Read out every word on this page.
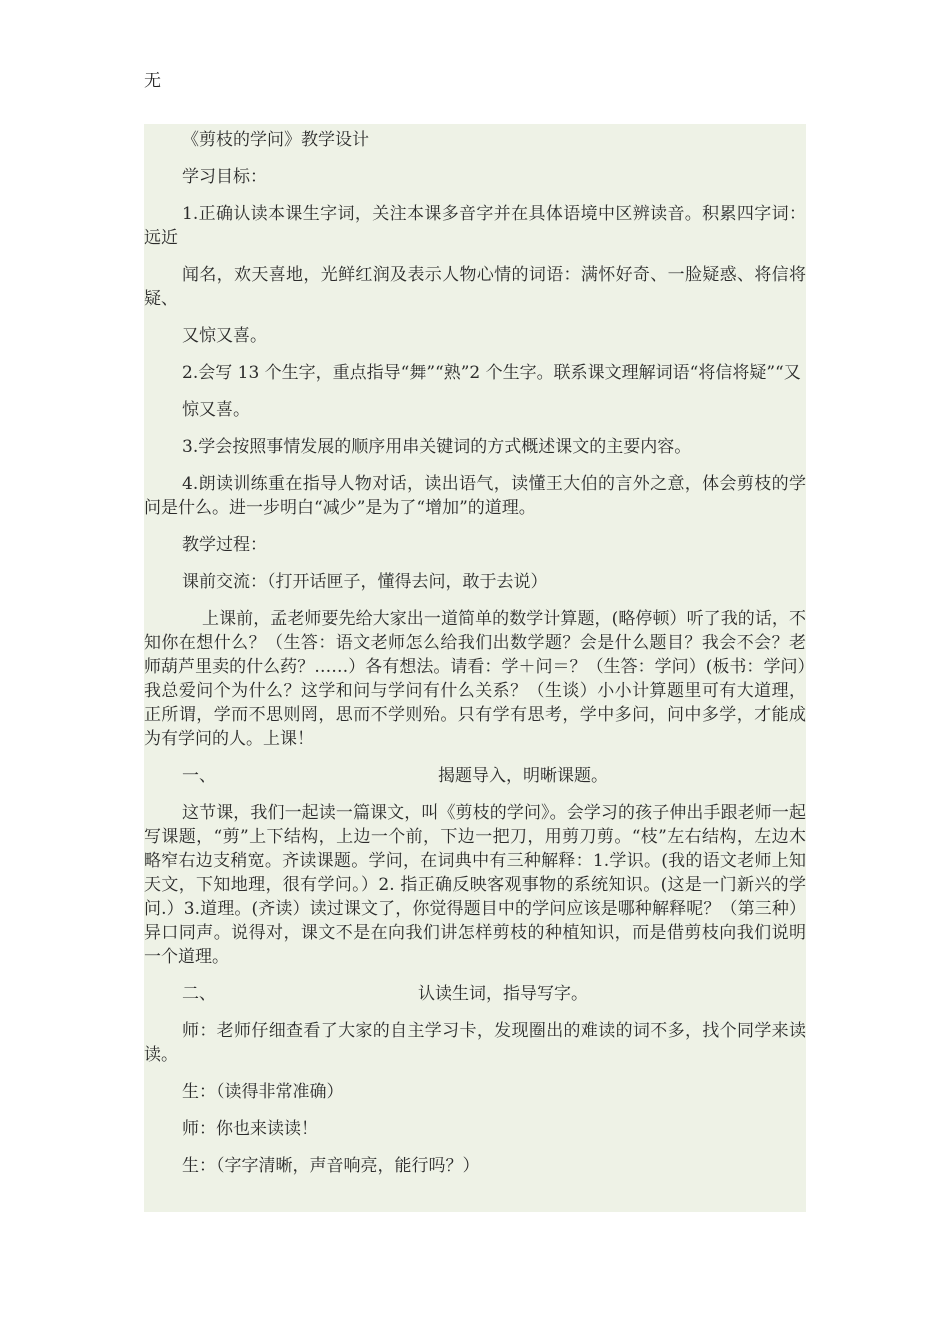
无

《剪枝的学问》教学设计

学习目标：

1.正确认读本课生字词，关注本课多音字并在具体语境中区辨读音。积累四字词：远近

闻名，欢天喜地，光鲜红润及表示人物心情的词语：满怀好奇、一脸疑惑、将信将疑、

又惊又喜。

2.会写 13 个生字，重点指导“舞”“熟”2 个生字。联系课文理解词语“将信将疑”“又

惊又喜。

3.学会按照事情发展的顺序用串关键词的方式概述课文的主要内容。

4.朗读训练重在指导人物对话，读出语气，读懂王大伯的言外之意，体会剪枝的学问是什么。进一步明白“减少”是为了“增加”的道理。

教学过程：

课前交流：（打开话匣子，懂得去问，敢于去说）

上课前，孟老师要先给大家出一道简单的数学计算题，(略停顿）听了我的话，不知你在想什么？（生答：语文老师怎么给我们出数学题？会是什么题目？我会不会？老师葫芦里卖的什么药？……）各有想法。请看：学＋问＝？（生答：学问）(板书：学问）我总爱问个为什么？这学和问与学问有什么关系？（生谈）小小计算题里可有大道理，正所谓，学而不思则罔，思而不学则殆。只有学有思考，学中多问，问中多学，才能成为有学问的人。上课！

一、	揭题导入，明晰课题。

这节课，我们一起读一篇课文，叫《剪枝的学问》。会学习的孩子伸出手跟老师一起写课题，“剪”上下结构，上边一个前，下边一把刀，用剪刀剪。“枝”左右结构，左边木略窄右边支稍宽。齐读课题。学问，在词典中有三种解释：1.学识。(我的语文老师上知天文，下知地理，很有学问。）2. 指正确反映客观事物的系统知识。(这是一门新兴的学问.）3.道理。(齐读）读过课文了，你觉得题目中的学问应该是哪种解释呢？（第三种）异口同声。说得对，课文不是在向我们讲怎样剪枝的种植知识，而是借剪枝向我们说明一个道理。

二、	认读生词，指导写字。

师：老师仔细查看了大家的自主学习卡，发现圈出的难读的词不多，找个同学来读读。

生：（读得非常准确）

师：你也来读读！

生：（字字清晰，声音响亮，能行吗？）
